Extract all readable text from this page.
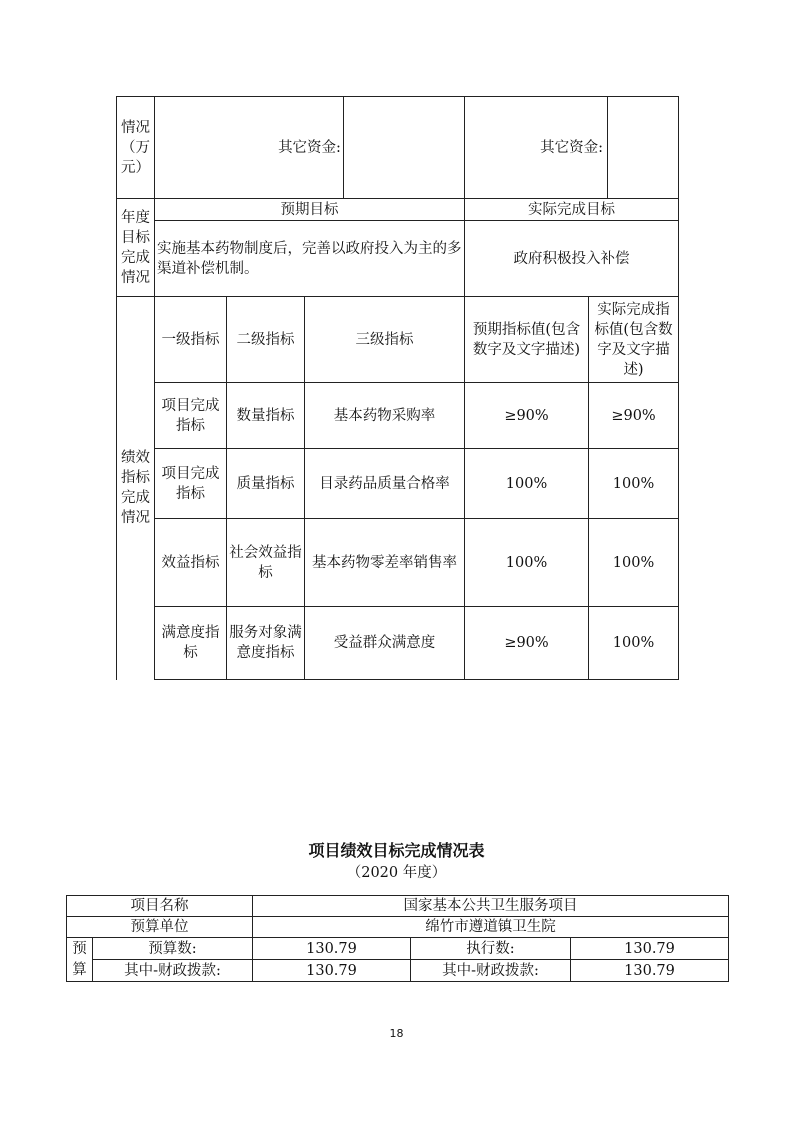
情况（万元）	其它资金:			其它资金:	
年度目标完成情况	预期目标			实际完成目标	
	实施基本药物制度后，完善以政府投入为主的多渠道补偿机制。			政府积极投入补偿	
绩效指标完成情况	一级指标	二级指标	三级指标	预期指标值(包含数字及文字描述)	实际完成指标值(包含数字及文字描述)
	项目完成指标	数量指标	基本药物采购率	≥90%	≥90%
	项目完成指标	质量指标	目录药品质量合格率	100%	100%
	效益指标	社会效益指标	基本药物零差率销售率	100%	100%
	满意度指标	服务对象满意度指标	受益群众满意度	≥90%	100%
项目绩效目标完成情况表
（2020 年度）
项目名称		国家基本公共卫生服务项目		
预算单位		绵竹市遵道镇卫生院		
预算	预算数:	130.79	执行数:	130.79
	其中-财政拨款:	130.79	其中-财政拨款:	130.79
18
